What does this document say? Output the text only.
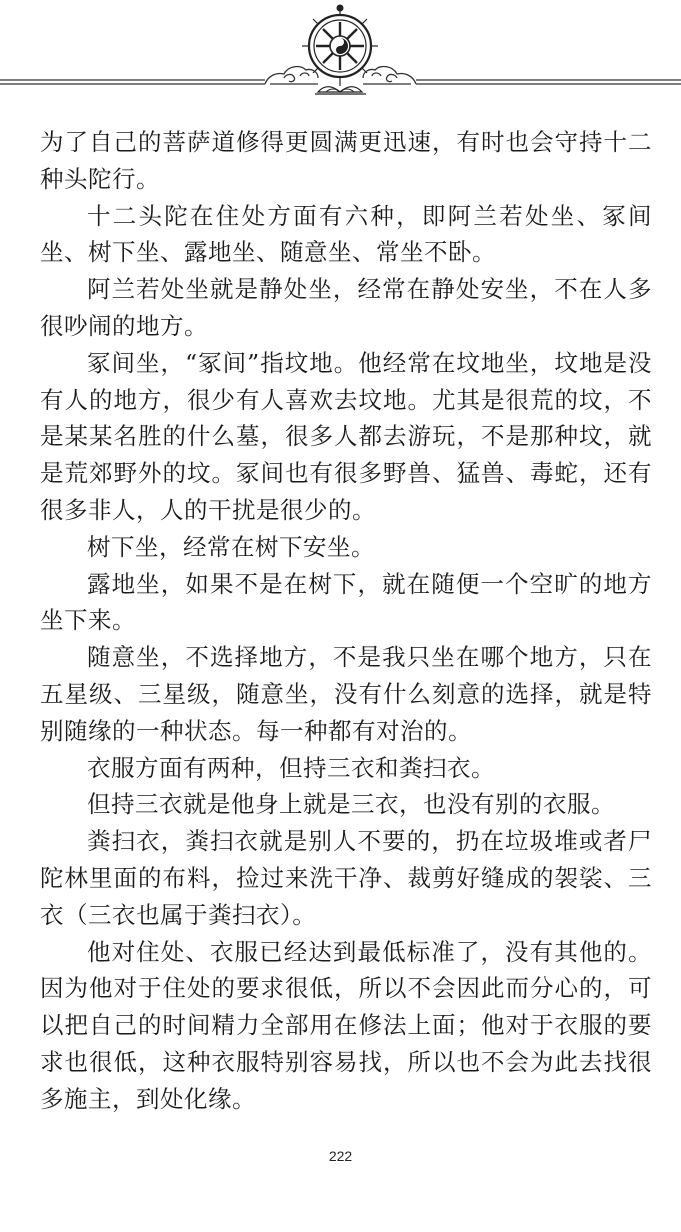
为了自己的菩萨道修得更圆满更迅速，有时也会守持十二种头陀行。

十二头陀在住处方面有六种，即阿兰若处坐、冢间坐、树下坐、露地坐、随意坐、常坐不卧。

阿兰若处坐就是静处坐，经常在静处安坐，不在人多很吵闹的地方。

冢间坐，“冢间”指坟地。他经常在坟地坐，坟地是没有人的地方，很少有人喜欢去坟地。尤其是很荒的坟，不是某某名胜的什么墓，很多人都去游玩，不是那种坟，就是荒郊野外的坟。冢间也有很多野兽、猛兽、毒蛇，还有很多非人，人的干扰是很少的。

树下坐，经常在树下安坐。

露地坐，如果不是在树下，就在随便一个空旷的地方坐下来。

随意坐，不选择地方，不是我只坐在哪个地方，只在五星级、三星级，随意坐，没有什么刻意的选择，就是特别随缘的一种状态。每一种都有对治的。

衣服方面有两种，但持三衣和粪扫衣。

但持三衣就是他身上就是三衣，也没有别的衣服。

粪扫衣，粪扫衣就是别人不要的，扔在垃圾堆或者尸陀林里面的布料，捡过来洗干净、裁剪好缝成的袈裟、三衣（三衣也属于粪扫衣）。

他对住处、衣服已经达到最低标准了，没有其他的。因为他对于住处的要求很低，所以不会因此而分心的，可以把自己的时间精力全部用在修法上面；他对于衣服的要求也很低，这种衣服特别容易找，所以也不会为此去找很多施主，到处化缘。

222
